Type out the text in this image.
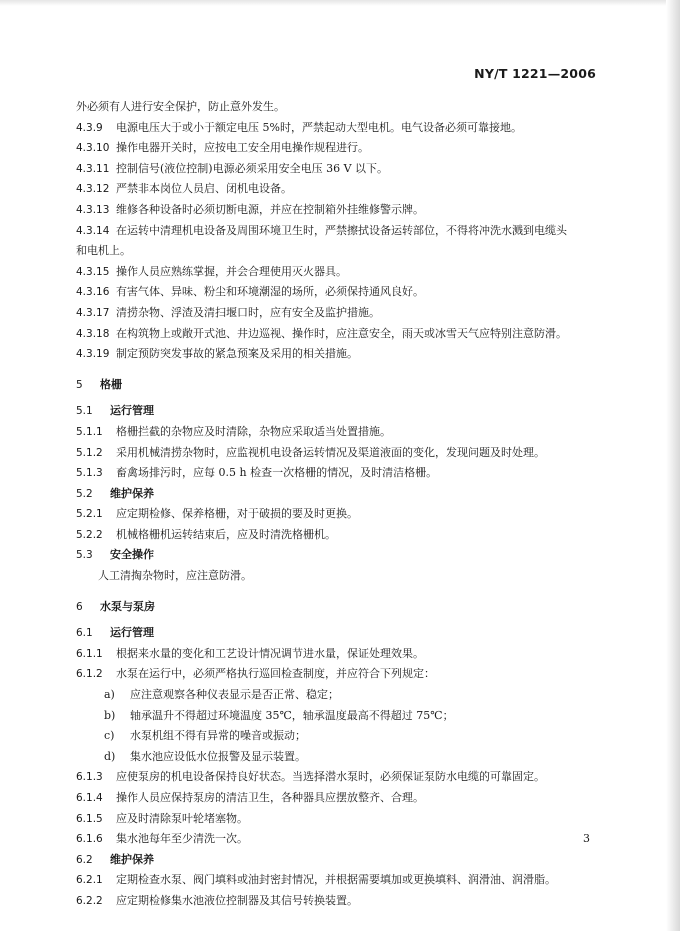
NY/T 1221—2006
外必须有人进行安全保护，防止意外发生。
4.3.9 电源电压大于或小于额定电压 5%时，严禁起动大型电机。电气设备必须可靠接地。
4.3.10 操作电器开关时，应按电工安全用电操作规程进行。
4.3.11 控制信号(液位控制)电源必须采用安全电压 36 V 以下。
4.3.12 严禁非本岗位人员启、闭机电设备。
4.3.13 维修各种设备时必须切断电源，并应在控制箱外挂维修警示牌。
4.3.14 在运转中清理机电设备及周围环境卫生时，严禁擦拭设备运转部位，不得将冲洗水溅到电缆头
和电机上。
4.3.15 操作人员应熟练掌握，并会合理使用灭火器具。
4.3.16 有害气体、异味、粉尘和环境潮湿的场所，必须保持通风良好。
4.3.17 清捞杂物、浮渣及清扫堰口时，应有安全及监护措施。
4.3.18 在构筑物上或敞开式池、井边巡视、操作时，应注意安全，雨天或冰雪天气应特别注意防滑。
4.3.19 制定预防突发事故的紧急预案及采用的相关措施。
5 格栅
5.1 运行管理
5.1.1 格栅拦截的杂物应及时清除，杂物应采取适当处置措施。
5.1.2 采用机械清捞杂物时，应监视机电设备运转情况及渠道液面的变化，发现问题及时处理。
5.1.3 畜禽场排污时，应每 0.5 h 检查一次格栅的情况，及时清洁格栅。
5.2 维护保养
5.2.1 应定期检修、保养格栅，对于破损的要及时更换。
5.2.2 机械格栅机运转结束后，应及时清洗格栅机。
5.3 安全操作
人工清掏杂物时，应注意防滑。
6 水泵与泵房
6.1 运行管理
6.1.1 根据来水量的变化和工艺设计情况调节进水量，保证处理效果。
6.1.2 水泵在运行中，必须严格执行巡回检查制度，并应符合下列规定：
a) 应注意观察各种仪表显示是否正常、稳定；
b) 轴承温升不得超过环境温度 35℃，轴承温度最高不得超过 75℃；
c) 水泵机组不得有异常的噪音或振动；
d) 集水池应设低水位报警及显示装置。
6.1.3 应使泵房的机电设备保持良好状态。当选择潜水泵时，必须保证泵防水电缆的可靠固定。
6.1.4 操作人员应保持泵房的清洁卫生，各种器具应摆放整齐、合理。
6.1.5 应及时清除泵叶轮堵塞物。
6.1.6 集水池每年至少清洗一次。
6.2 维护保养
6.2.1 定期检查水泵、阀门填料或油封密封情况，并根据需要填加或更换填料、润滑油、润滑脂。
6.2.2 应定期检修集水池液位控制器及其信号转换装置。
3
